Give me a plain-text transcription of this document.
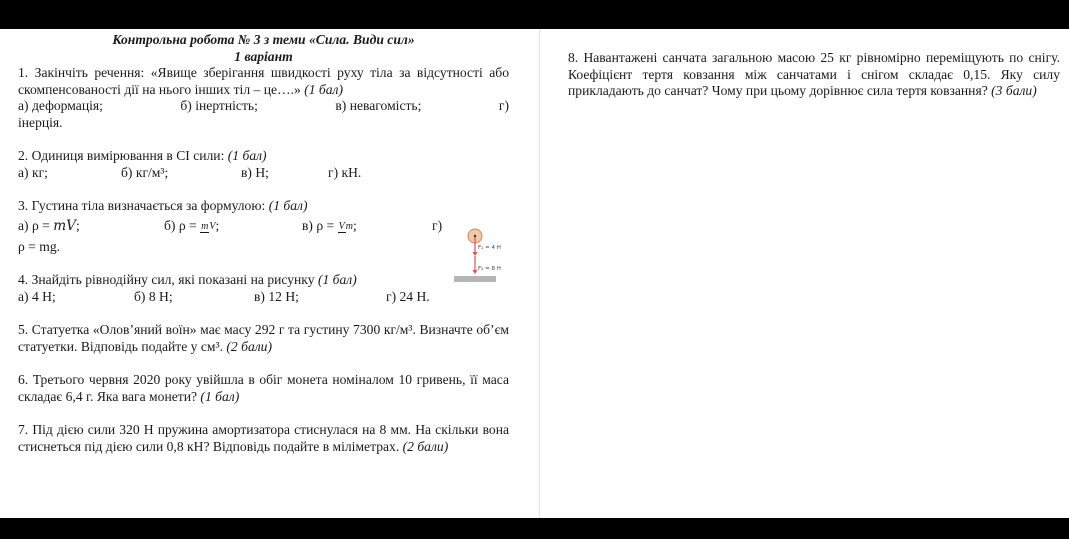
Контрольна робота № 3 з теми «Сила. Види сил»

1 варіант

1. Закінчіть речення: «Явище зберігання швидкості руху тіла за відсутності або скомпенсованості дії на нього інших тіл – це….» (1 бал)

а) деформація;	б) інертність;	в) невагомість;	г)
інерція.

2. Одиниця вимірювання в СІ сили: (1 бал)

а) кг;	б) кг/м³;	в) Н;	г) кН.

3. Густина тіла визначається за формулою: (1 бал)

а) ρ = mV;	б) ρ = mV;	в) ρ = Vm;	г)
ρ = mg.

4. Знайдіть рівнодійну сил, які показані на рисунку (1 бал)

а) 4 Н;	б) 8 Н;	в) 12 Н;	г) 24 Н.

5. Статуетка «Олов’яний воїн» має масу 292 г та густину 7300 кг/м³. Визначте об’єм статуетки. Відповідь подайте у см³. (2 бали)

6. Третього червня 2020 року увійшла в обіг монета номіналом 10 гривень, її маса складає 6,4 г. Яка вага монети? (1 бал)

7. Під дією сили 320 Н пружина амортизатора стиснулася на 8 мм. На скільки вона стиснеться під дією сили 0,8 кН? Відповідь подайте в міліметрах. (2 бали)

F₁ = 4 Н
F₂ = 8 Н

8. Навантажені санчата загальною масою 25 кг рівномірно переміщують по снігу. Коефіцієнт тертя ковзання між санчатами і снігом складає 0,15. Яку силу прикладають до санчат? Чому при цьому дорівнює сила тертя ковзання? (3 бали)
